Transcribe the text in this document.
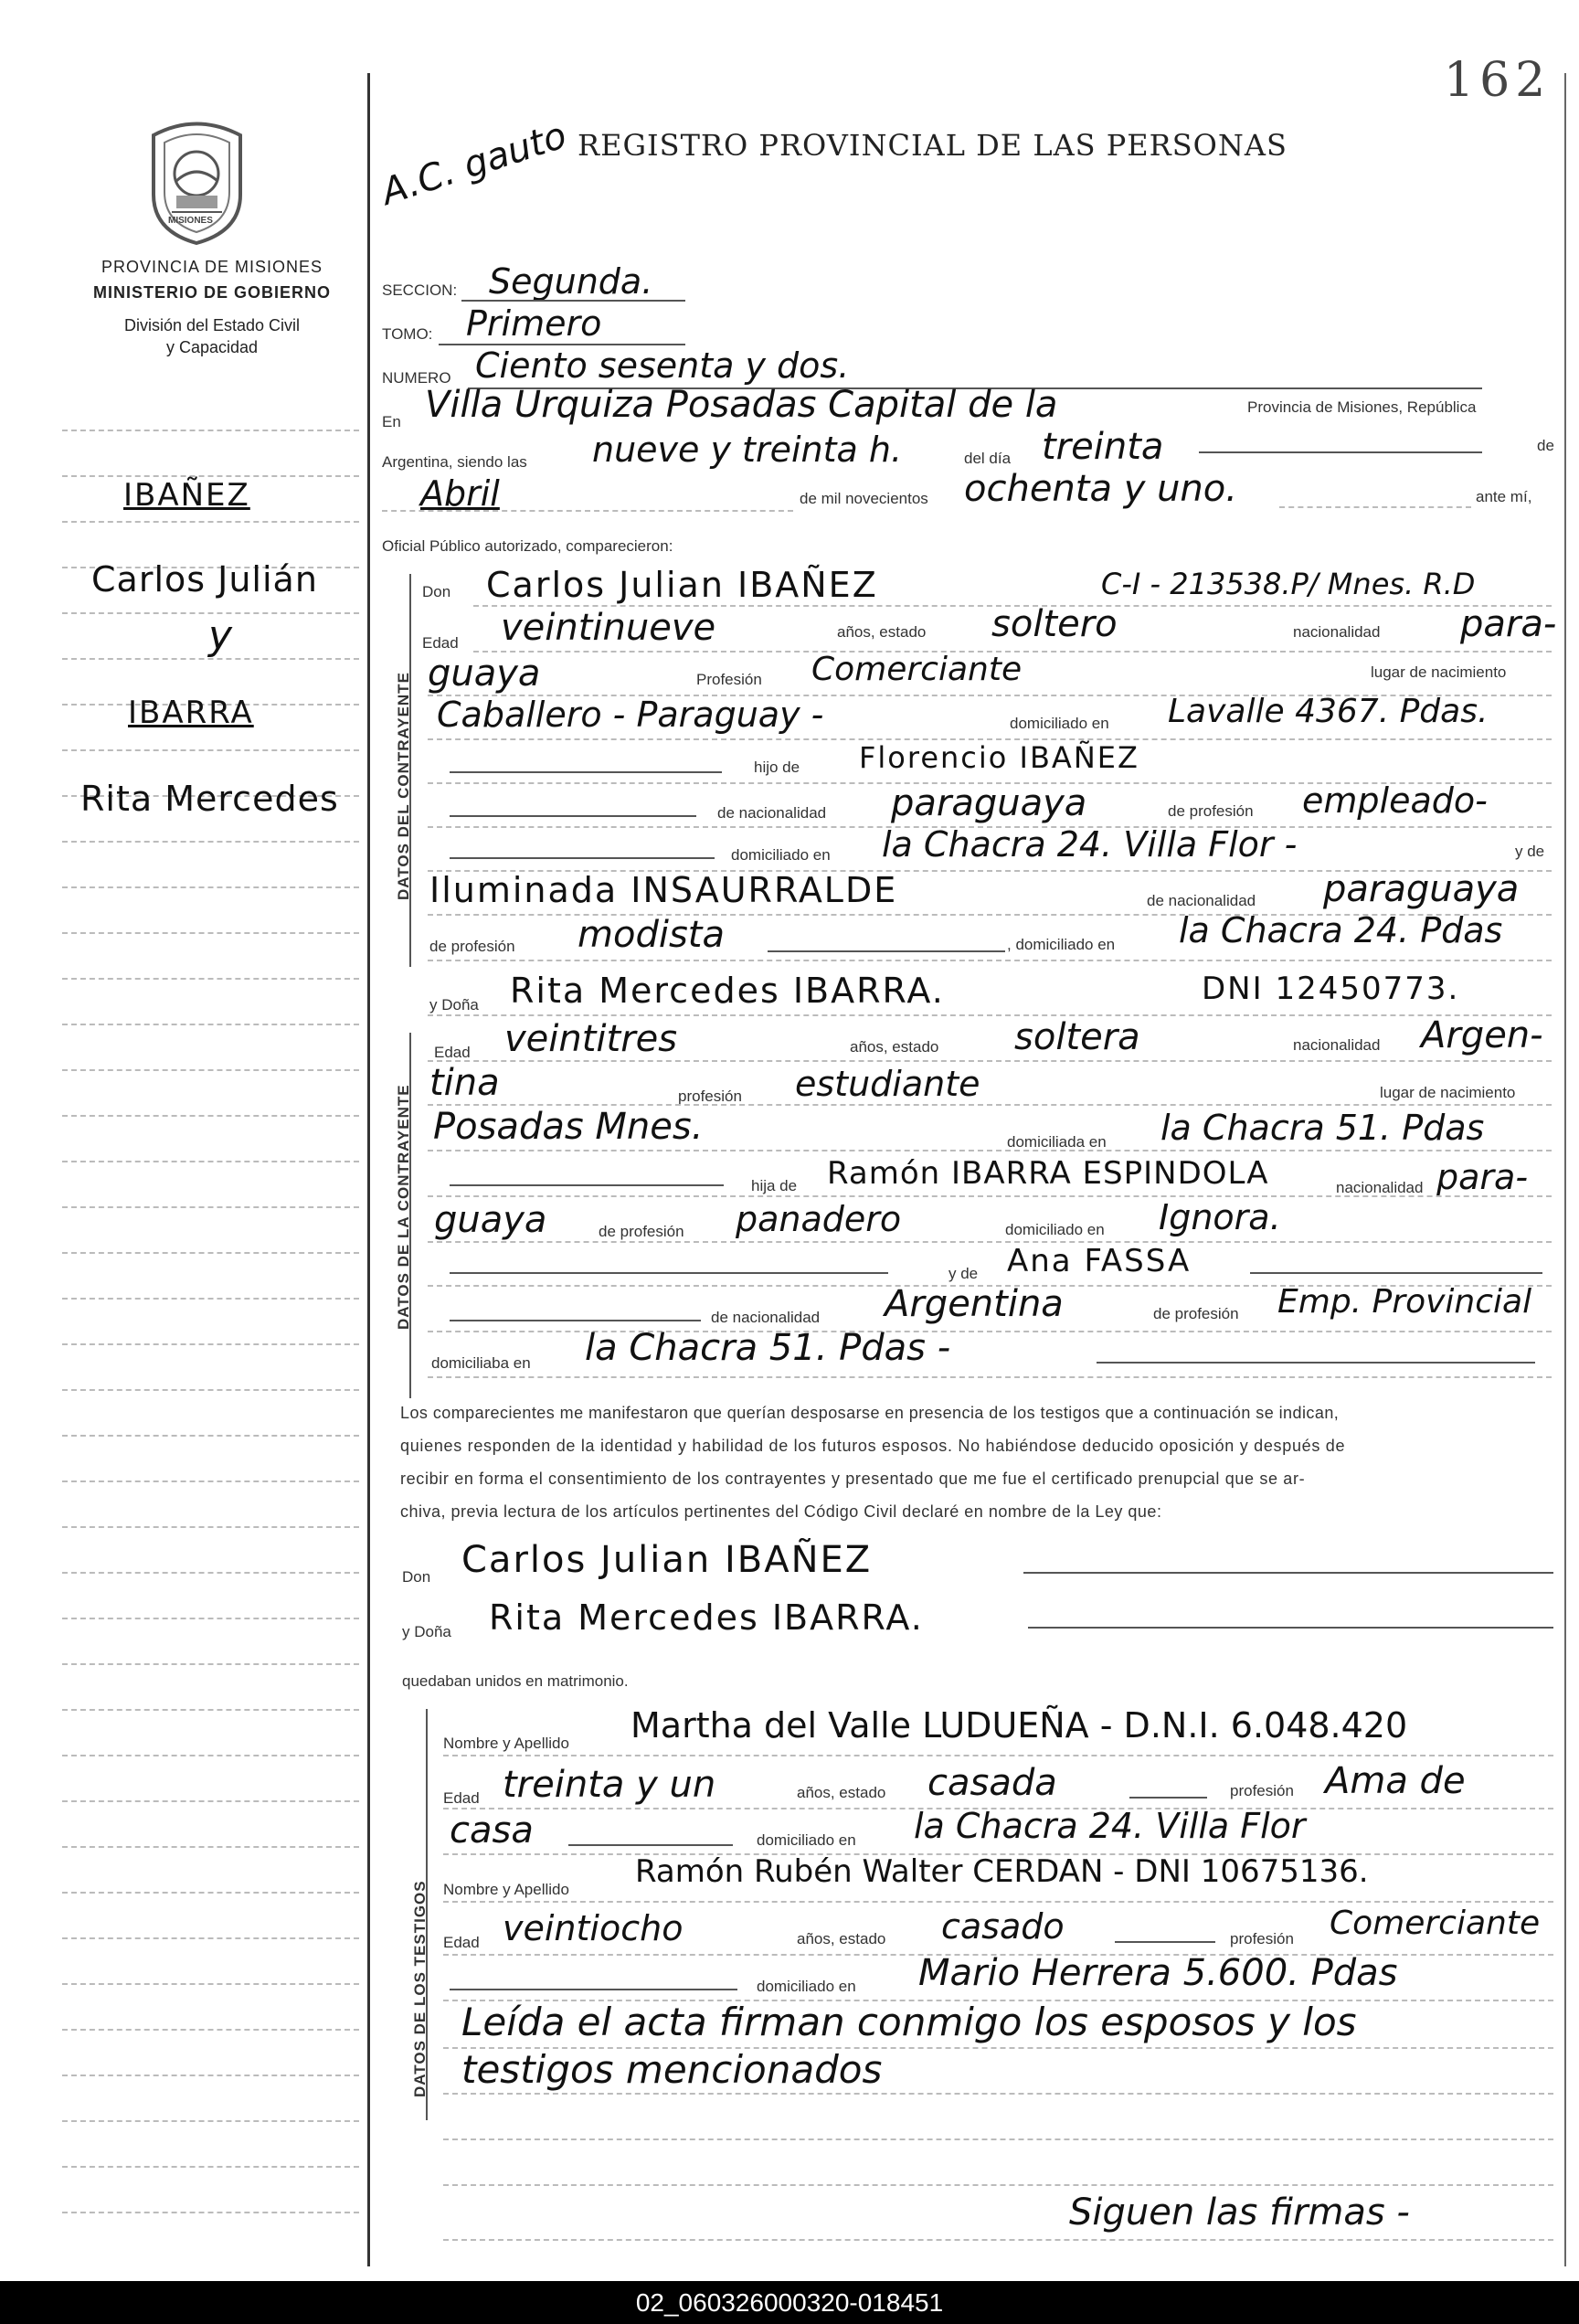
162
MISIONES
PROVINCIA DE MISIONES
MINISTERIO DE GOBIERNO
División del Estado Civil
y Capacidad
IBAÑEZ
Carlos Julián
y
IBARRA
Rita Mercedes
A.C. gauto REGISTRO PROVINCIAL DE LAS PERSONAS
SECCION: Segunda.
TOMO: Primero
NUMERO Ciento sesenta y dos.
En Villa Urquiza Posadas Capital de la	Provincia de Misiones, República
Argentina, siendo las nueve y treinta h.	del día treinta	de
Abril	de mil novecientos ochenta y uno.	ante mí,
Oficial Público autorizado, comparecieron:
DATOS DEL CONTRAYENTE
Don Carlos Julian IBAÑEZ	C-I - 213538.P/ Mnes. R.D
Edad veintinueve	años, estado soltero	nacionalidad para-
guaya	Profesión Comerciante	lugar de nacimiento
Caballero - Paraguay -	domiciliado en Lavalle 4367. Pdas.
hijo de Florencio IBAÑEZ
de nacionalidad paraguaya	de profesión empleado-
domiciliado en la Chacra 24. Villa Flor -	y de
Iluminada INSAURRALDE	de nacionalidad paraguaya
de profesión modista	, domiciliado en la Chacra 24. Pdas
DATOS DE LA CONTRAYENTE
y Doña Rita Mercedes IBARRA.	DNI 12450773.
Edad veintitres	años, estado soltera	nacionalidad Argen-
tina	profesión estudiante	lugar de nacimiento
Posadas Mnes.	domiciliada en la Chacra 51. Pdas
hija de Ramón IBARRA ESPINDOLA	nacionalidad para-
guaya	de profesión panadero	domiciliado en Ignora.
y de Ana FASSA
de nacionalidad Argentina	de profesión Emp. Provincial
domiciliaba en la Chacra 51. Pdas -
Los comparecientes me manifestaron que querían desposarse en presencia de los testigos que a continuación se indican,
quienes responden de la identidad y habilidad de los futuros esposos. No habiéndose deducido oposición y después de
recibir en forma el consentimiento de los contrayentes y presentado que me fue el certificado prenupcial que se ar-
chiva, previa lectura de los artículos pertinentes del Código Civil declaré en nombre de la Ley que:
Don Carlos Julian IBAÑEZ
y Doña Rita Mercedes IBARRA.
quedaban unidos en matrimonio.
DATOS DE LOS TESTIGOS
Nombre y Apellido Martha del Valle LUDUEÑA - D.N.I. 6.048.420
Edad treinta y un	años, estado casada	profesión Ama de
casa	domiciliado en la Chacra 24. Villa Flor
Nombre y Apellido Ramón Rubén Walter CERDAN - DNI 10675136.
Edad veintiocho	años, estado casado	profesión Comerciante
domiciliado en Mario Herrera 5.600. Pdas
Leída el acta firman conmigo los esposos y los
testigos mencionados
Siguen las firmas -
02_060326000320-018451
